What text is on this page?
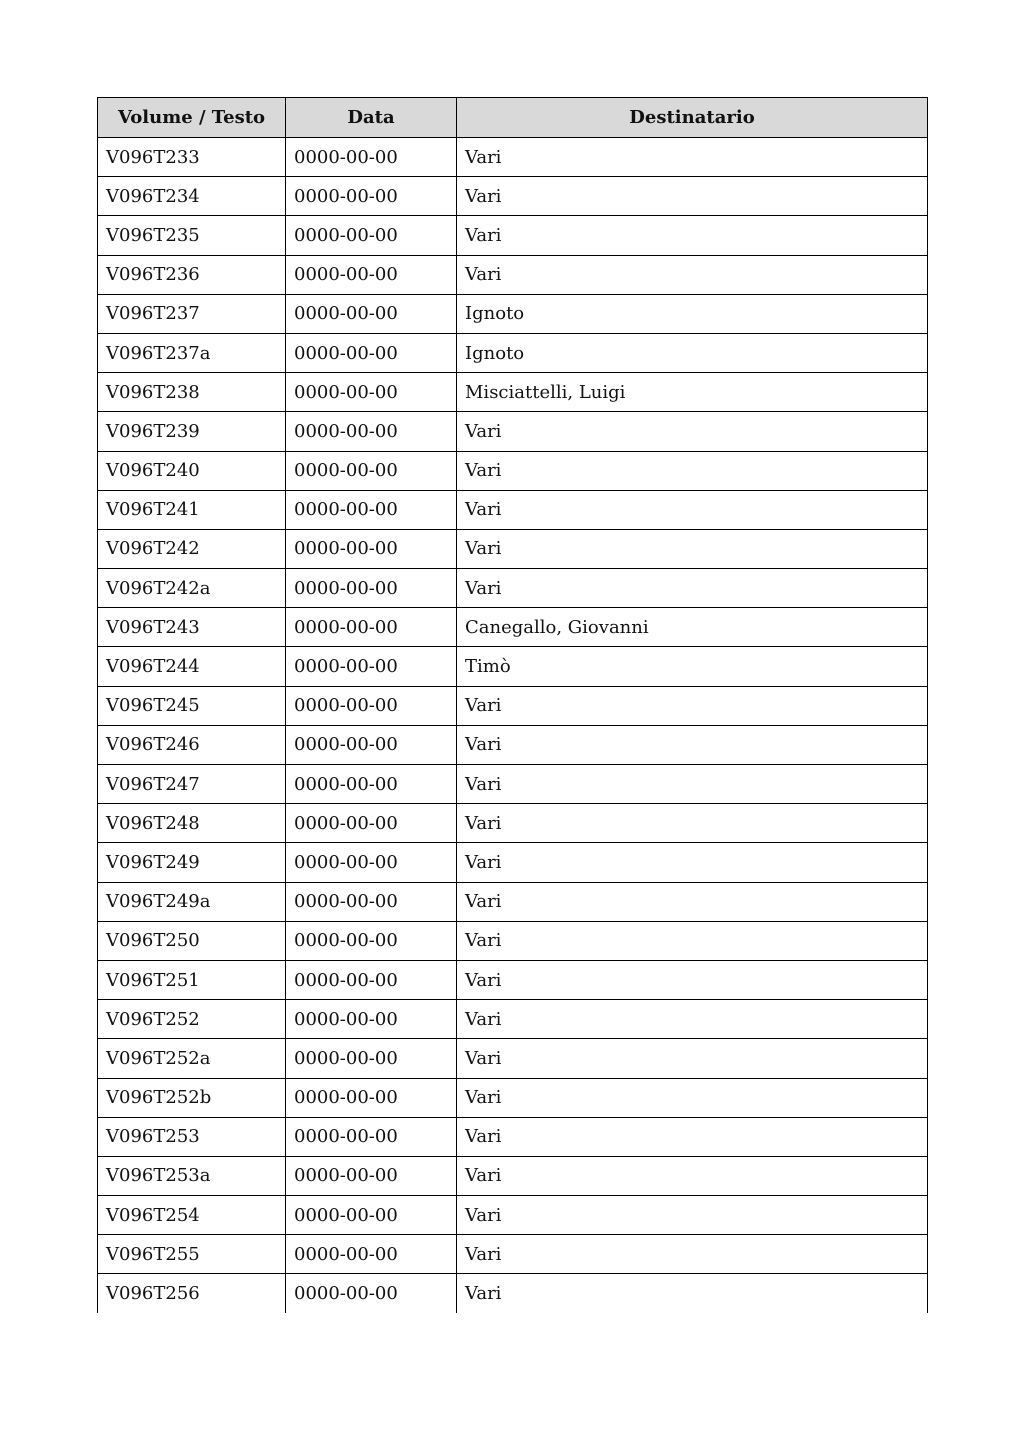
Volume / Testo	Data	Destinatario
V096T233	0000-00-00	Vari
V096T234	0000-00-00	Vari
V096T235	0000-00-00	Vari
V096T236	0000-00-00	Vari
V096T237	0000-00-00	Ignoto
V096T237a	0000-00-00	Ignoto
V096T238	0000-00-00	Misciattelli, Luigi
V096T239	0000-00-00	Vari
V096T240	0000-00-00	Vari
V096T241	0000-00-00	Vari
V096T242	0000-00-00	Vari
V096T242a	0000-00-00	Vari
V096T243	0000-00-00	Canegallo, Giovanni
V096T244	0000-00-00	Timò
V096T245	0000-00-00	Vari
V096T246	0000-00-00	Vari
V096T247	0000-00-00	Vari
V096T248	0000-00-00	Vari
V096T249	0000-00-00	Vari
V096T249a	0000-00-00	Vari
V096T250	0000-00-00	Vari
V096T251	0000-00-00	Vari
V096T252	0000-00-00	Vari
V096T252a	0000-00-00	Vari
V096T252b	0000-00-00	Vari
V096T253	0000-00-00	Vari
V096T253a	0000-00-00	Vari
V096T254	0000-00-00	Vari
V096T255	0000-00-00	Vari
V096T256	0000-00-00	Vari
